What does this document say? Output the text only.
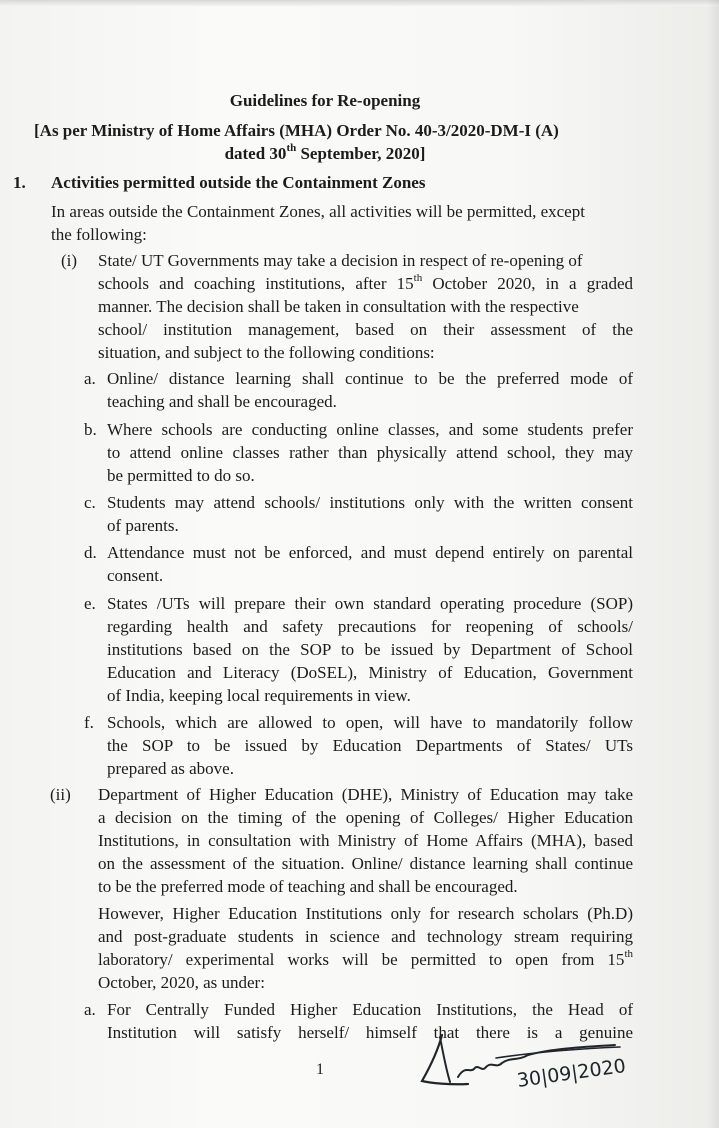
Guidelines for Re-opening
[As per Ministry of Home Affairs (MHA) Order No. 40-3/2020-DM-I (A)
dated 30th September, 2020]
1. Activities permitted outside the Containment Zones
In areas outside the Containment Zones, all activities will be permitted, except
the following:
(i) State/ UT Governments may take a decision in respect of re-opening of
schools and coaching institutions, after 15th October 2020, in a graded
manner. The decision shall be taken in consultation with the respective
school/ institution management, based on their assessment of the
situation, and subject to the following conditions:
a. Online/ distance learning shall continue to be the preferred mode of
teaching and shall be encouraged.
b. Where schools are conducting online classes, and some students prefer
to attend online classes rather than physically attend school, they may
be permitted to do so.
c. Students may attend schools/ institutions only with the written consent
of parents.
d. Attendance must not be enforced, and must depend entirely on parental
consent.
e. States /UTs will prepare their own standard operating procedure (SOP)
regarding health and safety precautions for reopening of schools/
institutions based on the SOP to be issued by Department of School
Education and Literacy (DoSEL), Ministry of Education, Government
of India, keeping local requirements in view.
f. Schools, which are allowed to open, will have to mandatorily follow
the SOP to be issued by Education Departments of States/ UTs
prepared as above.
(ii) Department of Higher Education (DHE), Ministry of Education may take
a decision on the timing of the opening of Colleges/ Higher Education
Institutions, in consultation with Ministry of Home Affairs (MHA), based
on the assessment of the situation. Online/ distance learning shall continue
to be the preferred mode of teaching and shall be encouraged.
However, Higher Education Institutions only for research scholars (Ph.D)
and post-graduate students in science and technology stream requiring
laboratory/ experimental works will be permitted to open from 15th
October, 2020, as under:
a. For Centrally Funded Higher Education Institutions, the Head of
Institution will satisfy herself/ himself that there is a genuine
1	30|09|2020
